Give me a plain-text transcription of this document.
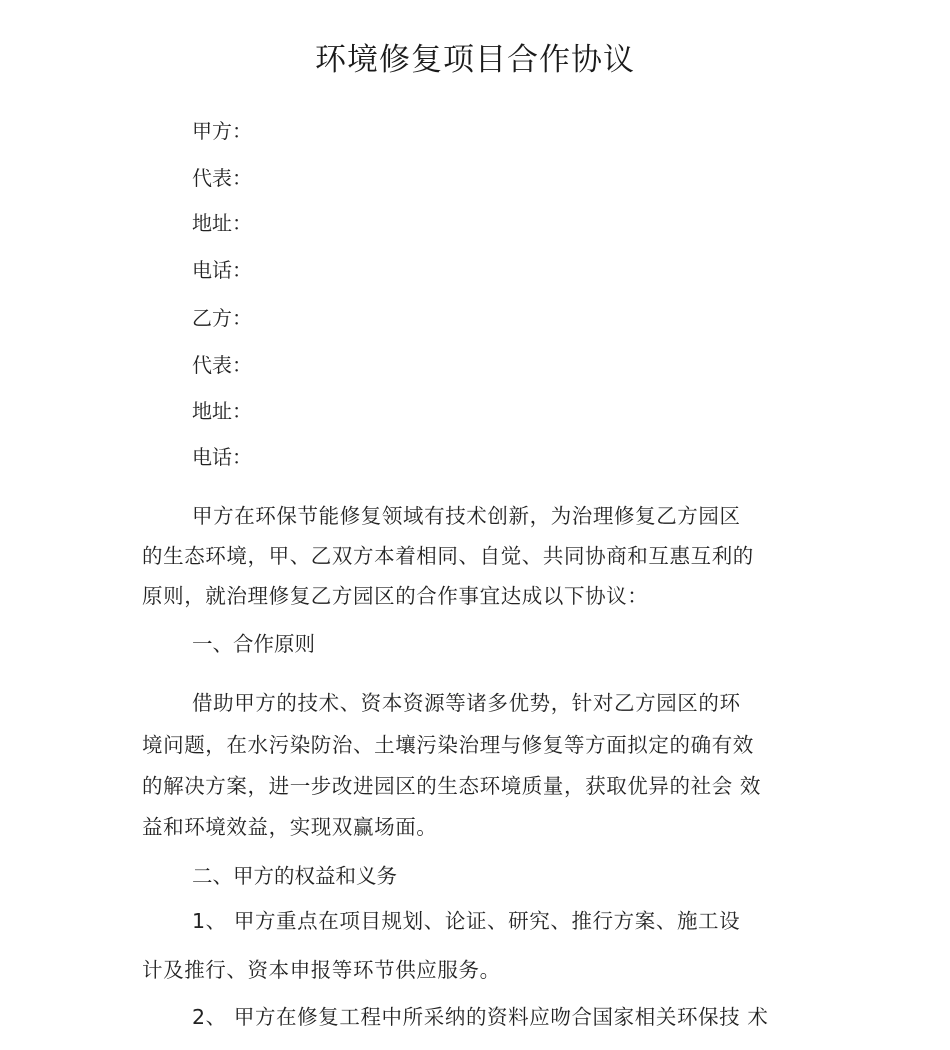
环境修复项目合作协议
甲方：
代表：
地址：
电话：
乙方：
代表：
地址：
电话：
甲方在环保节能修复领域有技术创新，为治理修复乙方园区
的生态环境，甲、乙双方本着相同、自觉、共同协商和互惠互利的
原则，就治理修复乙方园区的合作事宜达成以下协议：
一、合作原则
借助甲方的技术、资本资源等诸多优势，针对乙方园区的环
境问题，在水污染防治、土壤污染治理与修复等方面拟定的确有效
的解决方案，进一步改进园区的生态环境质量，获取优异的社会 效
益和环境效益，实现双赢场面。
二、甲方的权益和义务
1、 甲方重点在项目规划、论证、研究、推行方案、施工设
计及推行、资本申报等环节供应服务。
2、 甲方在修复工程中所采纳的资料应吻合国家相关环保技 术
